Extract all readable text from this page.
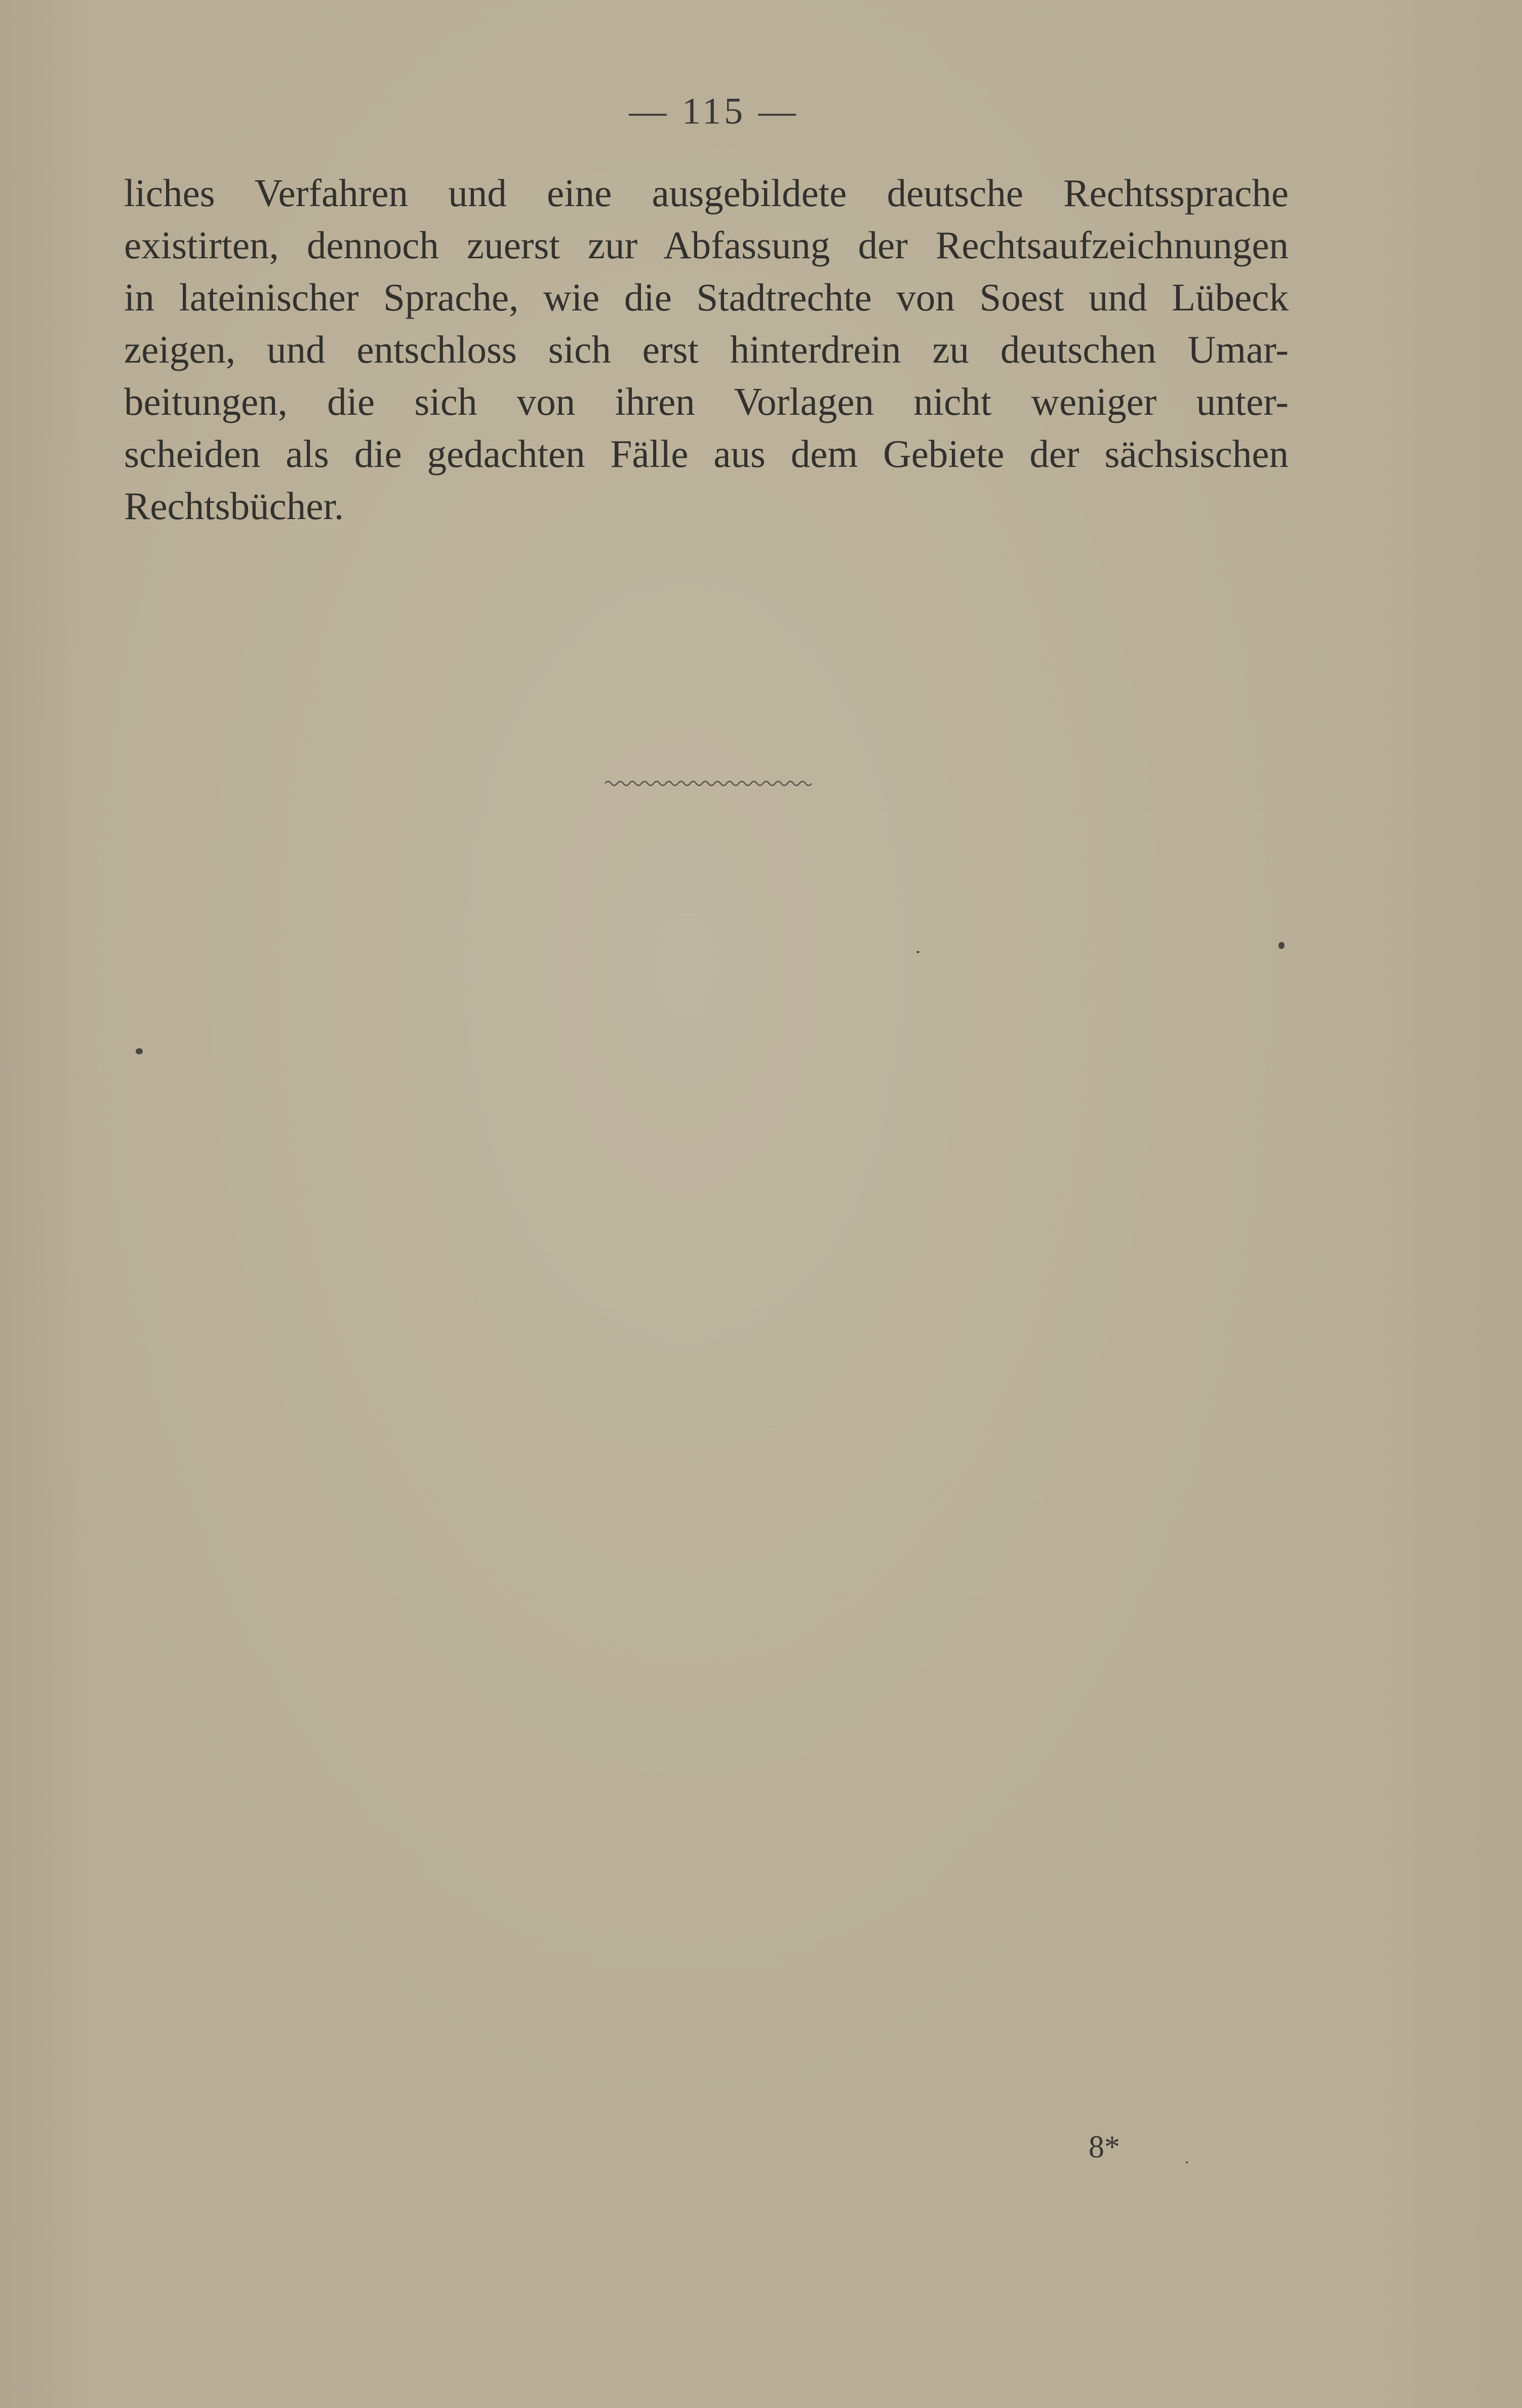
— 115 —
liches Verfahren und eine ausgebildete deutsche Rechtssprache
existirten, dennoch zuerst zur Abfassung der Rechtsaufzeichnungen
in lateinischer Sprache, wie die Stadtrechte von Soest und Lübeck
zeigen, und entschloss sich erst hinterdrein zu deutschen Umar-
beitungen, die sich von ihren Vorlagen nicht weniger unter-
scheiden als die gedachten Fälle aus dem Gebiete der sächsischen
Rechtsbücher.
8*
